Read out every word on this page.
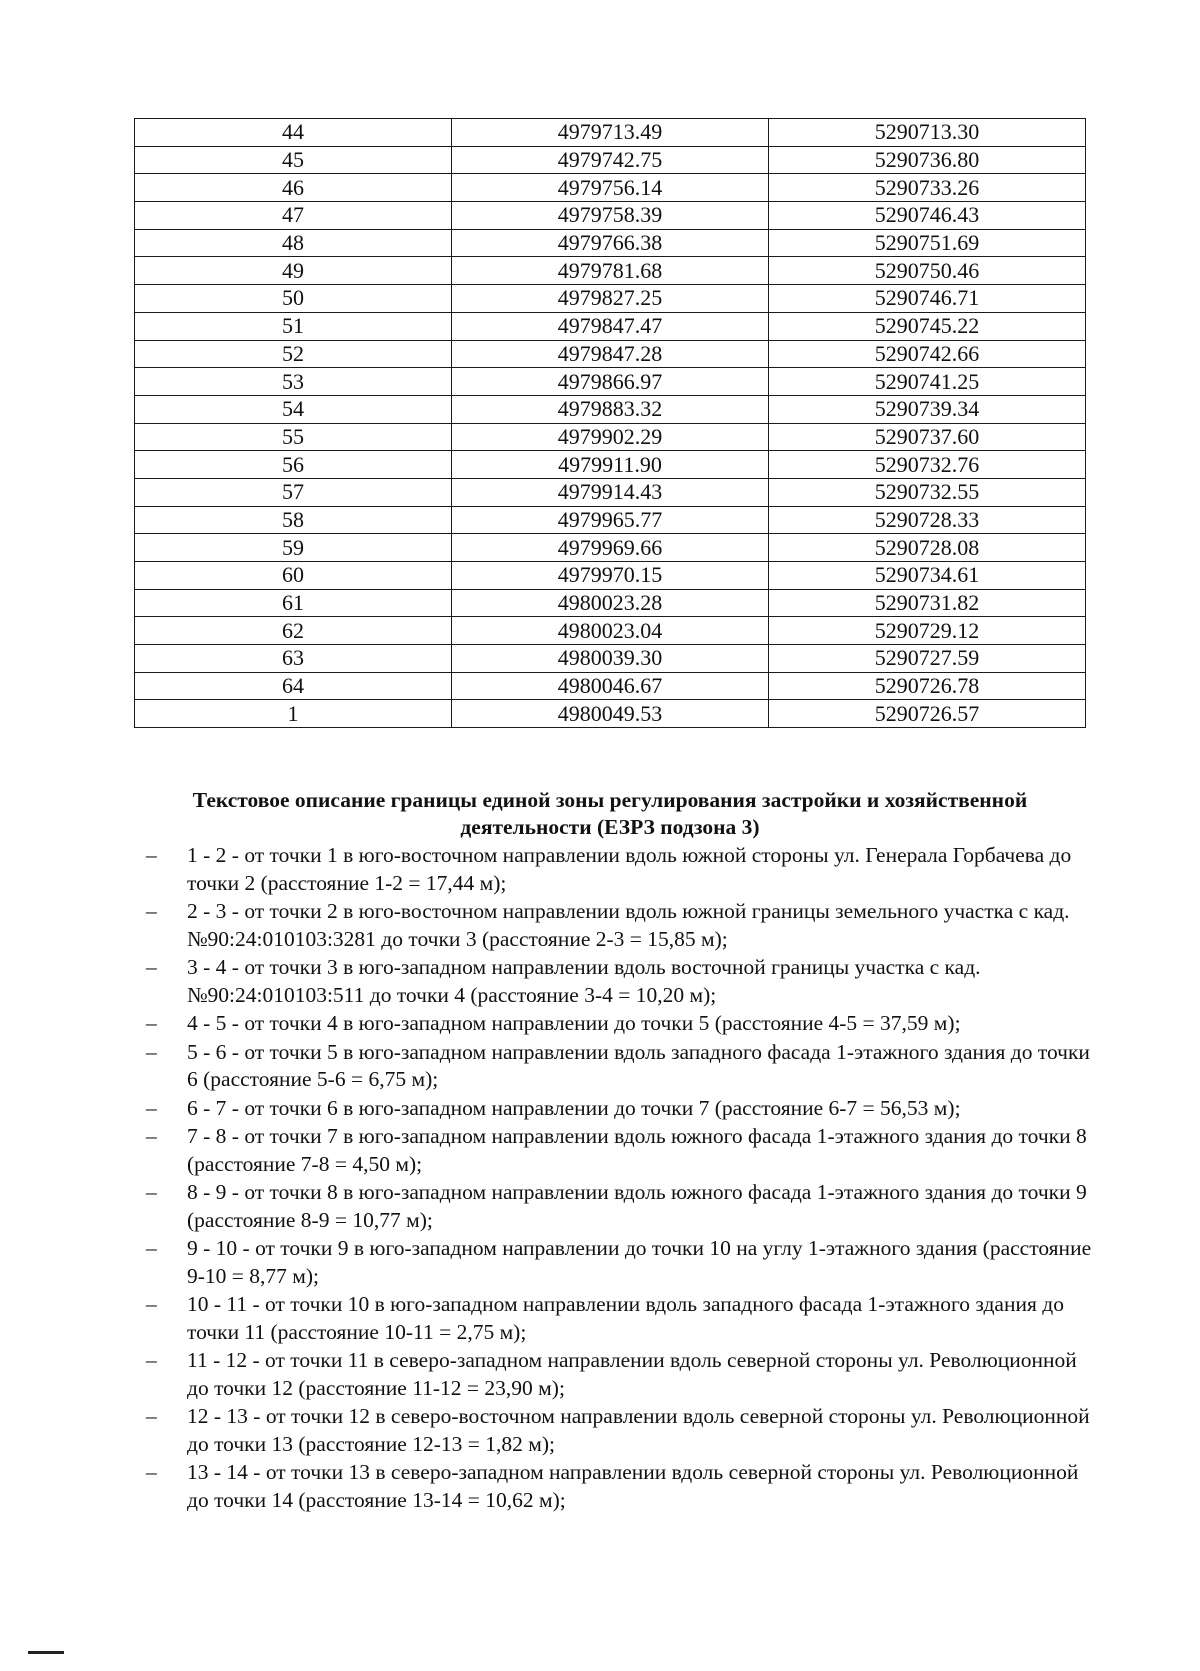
44	4979713.49	5290713.30
45	4979742.75	5290736.80
46	4979756.14	5290733.26
47	4979758.39	5290746.43
48	4979766.38	5290751.69
49	4979781.68	5290750.46
50	4979827.25	5290746.71
51	4979847.47	5290745.22
52	4979847.28	5290742.66
53	4979866.97	5290741.25
54	4979883.32	5290739.34
55	4979902.29	5290737.60
56	4979911.90	5290732.76
57	4979914.43	5290732.55
58	4979965.77	5290728.33
59	4979969.66	5290728.08
60	4979970.15	5290734.61
61	4980023.28	5290731.82
62	4980023.04	5290729.12
63	4980039.30	5290727.59
64	4980046.67	5290726.78
1	4980049.53	5290726.57
Текстовое описание границы единой зоны регулирования застройки и хозяйственной
деятельности (ЕЗРЗ подзона 3)
– 1 - 2 - от точки 1 в юго-восточном направлении вдоль южной стороны ул. Генерала Горбачева до точки 2 (расстояние 1-2 = 17,44 м);
– 2 - 3 - от точки 2 в юго-восточном направлении вдоль южной границы земельного участка с кад. №90:24:010103:3281 до точки 3 (расстояние 2-3 = 15,85 м);
– 3 - 4 - от точки 3 в юго-западном направлении вдоль восточной границы участка с кад. №90:24:010103:511 до точки 4 (расстояние 3-4 = 10,20 м);
– 4 - 5 - от точки 4 в юго-западном направлении до точки 5 (расстояние 4-5 = 37,59 м);
– 5 - 6 - от точки 5 в юго-западном направлении вдоль западного фасада 1-этажного здания до точки 6 (расстояние 5-6 = 6,75 м);
– 6 - 7 - от точки 6 в юго-западном направлении до точки 7 (расстояние 6-7 = 56,53 м);
– 7 - 8 - от точки 7 в юго-западном направлении вдоль южного фасада 1-этажного здания до точки 8 (расстояние 7-8 = 4,50 м);
– 8 - 9 - от точки 8 в юго-западном направлении вдоль южного фасада 1-этажного здания до точки 9 (расстояние 8-9 = 10,77 м);
– 9 - 10 - от точки 9 в юго-западном направлении до точки 10 на углу 1-этажного здания (расстояние 9-10 = 8,77 м);
– 10 - 11 - от точки 10 в юго-западном направлении вдоль западного фасада 1-этажного здания до точки 11 (расстояние 10-11 = 2,75 м);
– 11 - 12 - от точки 11 в северо-западном направлении вдоль северной стороны ул. Революционной до точки 12 (расстояние 11-12 = 23,90 м);
– 12 - 13 - от точки 12 в северо-восточном направлении вдоль северной стороны ул. Революционной до точки 13 (расстояние 12-13 = 1,82 м);
– 13 - 14 - от точки 13 в северо-западном направлении вдоль северной стороны ул. Революционной до точки 14 (расстояние 13-14 = 10,62 м);
